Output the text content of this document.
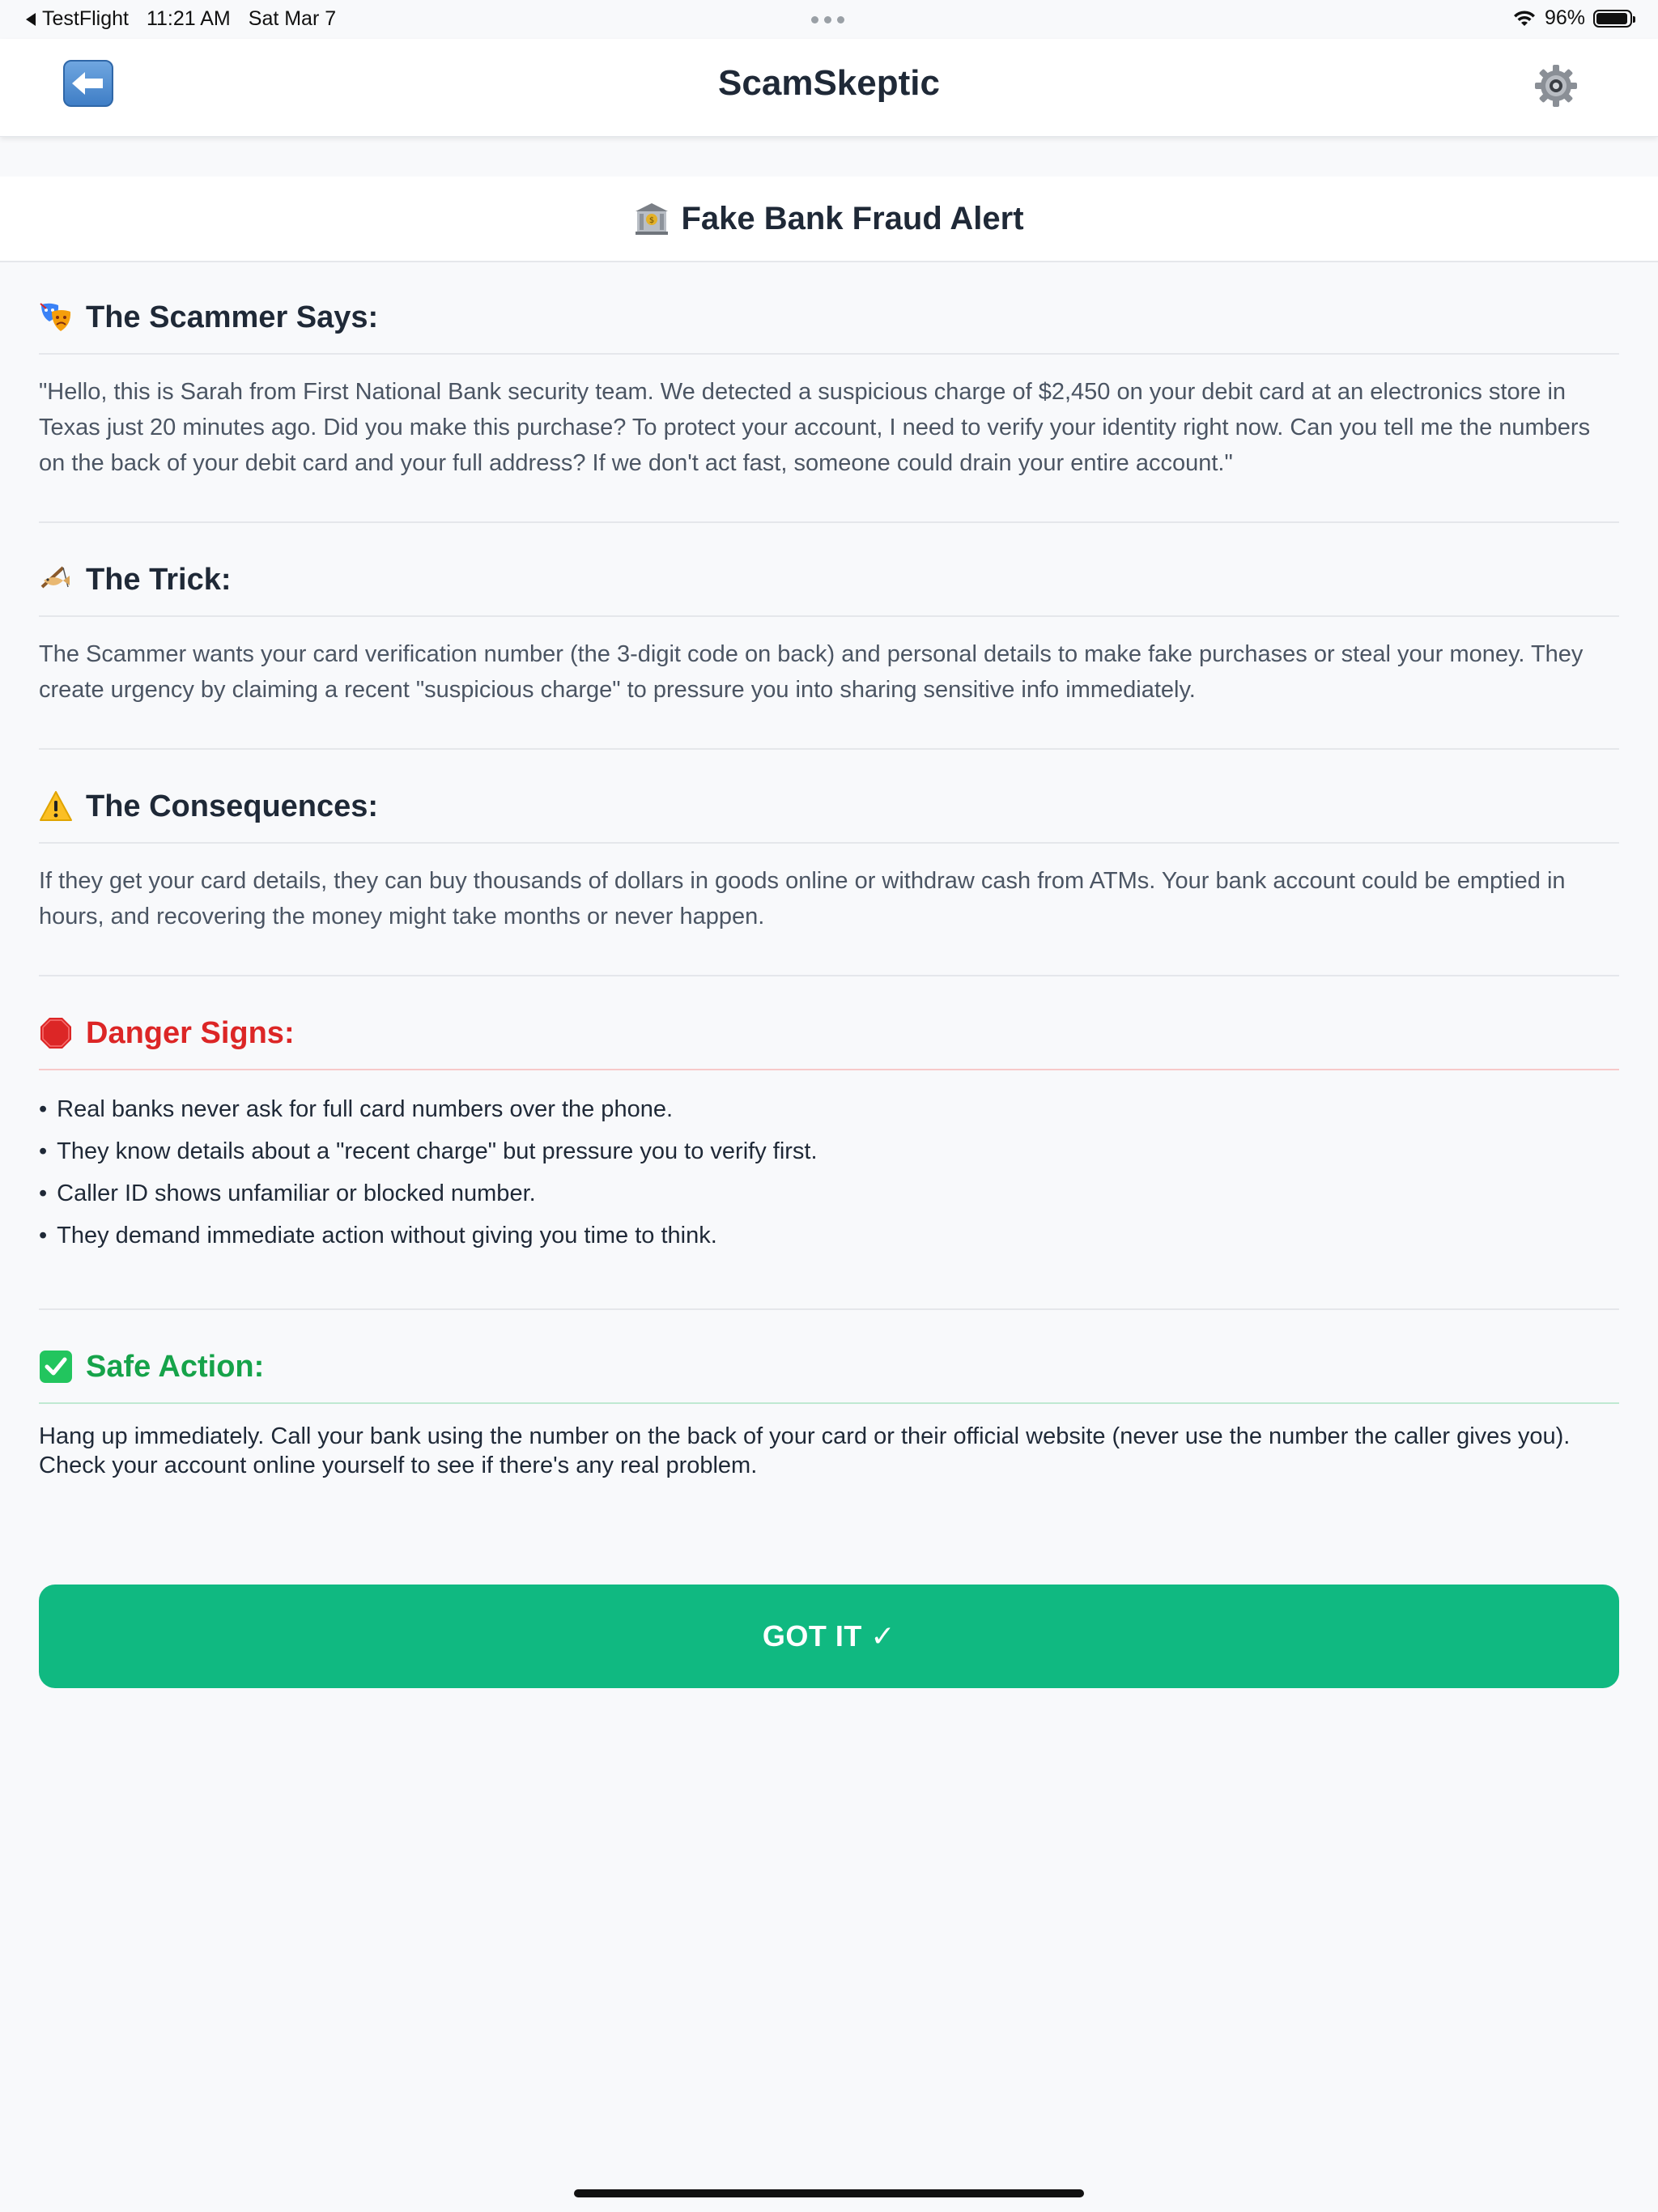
TestFlight 11:21 AM Sat Mar 7	96%
ScamSkeptic
$ Fake Bank Fraud Alert
The Scammer Says:
"Hello, this is Sarah from First National Bank security team. We detected a suspicious charge of $2,450 on your debit card at an electronics store in Texas just 20 minutes ago. Did you make this purchase? To protect your account, I need to verify your identity right now. Can you tell me the numbers on the back of your debit card and your full address? If we don't act fast, someone could drain your entire account."
The Trick:
The Scammer wants your card verification number (the 3-digit code on back) and personal details to make fake purchases or steal your money. They create urgency by claiming a recent "suspicious charge" to pressure you into sharing sensitive info immediately.
The Consequences:
If they get your card details, they can buy thousands of dollars in goods online or withdraw cash from ATMs. Your bank account could be emptied in hours, and recovering the money might take months or never happen.
Danger Signs:
• Real banks never ask for full card numbers over the phone.
• They know details about a "recent charge" but pressure you to verify first.
• Caller ID shows unfamiliar or blocked number.
• They demand immediate action without giving you time to think.
Safe Action:
Hang up immediately. Call your bank using the number on the back of your card or their official website (never use the number the caller gives you). Check your account online yourself to see if there's any real problem.
GOT IT ✓
